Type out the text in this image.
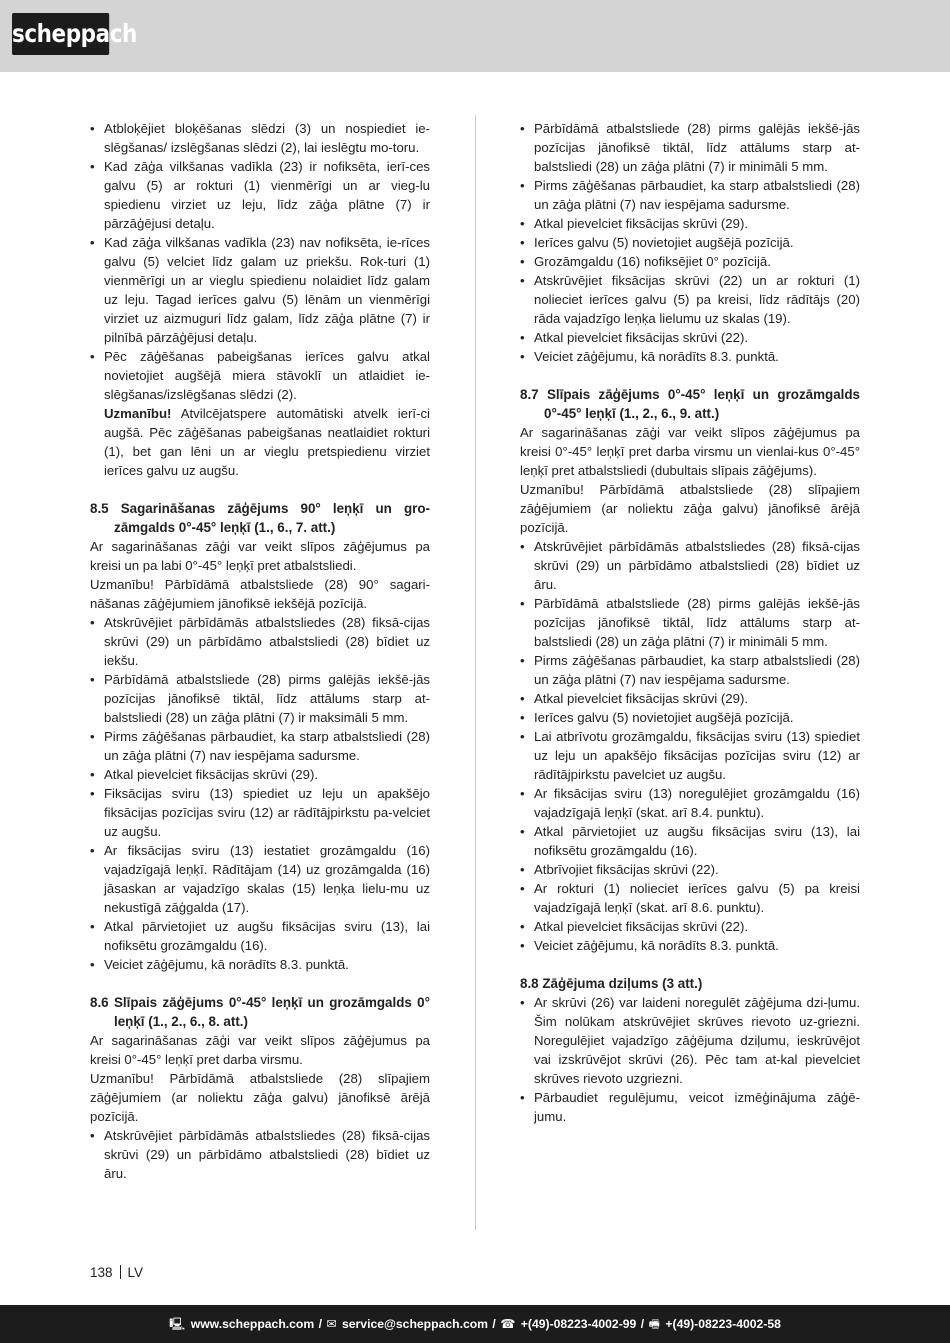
scheppach
• Atbloķējiet bloķēšanas slēdzi (3) un nospiediet ie-slēgšanas/ izslēgšanas slēdzi (2), lai ieslēgtu mo-toru.
• Kad zāģa vilkšanas vadīkla (23) ir nofiksēta, ierī-ces galvu (5) ar rokturi (1) vienmērīgi un ar vieg-lu spiedienu virziet uz leju, līdz zāģa plātne (7) ir pārzāģējusi detaļu.
• Kad zāģa vilkšanas vadīkla (23) nav nofiksēta, ie-rīces galvu (5) velciet līdz galam uz priekšu. Rok-turi (1) vienmērīgi un ar vieglu spiedienu nolaidiet līdz galam uz leju. Tagad ierīces galvu (5) lēnām un vienmērīgi virziet uz aizmuguri līdz galam, līdz zāģa plātne (7) ir pilnībā pārzāģējusi detaļu.
• Pēc zāģēšanas pabeigšanas ierīces galvu atkal novietojiet augšējā miera stāvoklī un atlaidiet ie-slēgšanas/izslēgšanas slēdzi (2).
Uzmanību! Atvilcējatspere automātiski atvelk ierī-ci augšā. Pēc zāģēšanas pabeigšanas neatlaidiet rokturi (1), bet gan lēni un ar vieglu pretspiedienu virziet ierīces galvu uz augšu.

8.5 Sagarināšanas zāģējums 90° leņķī un gro-zāmgalds 0°-45° leņķī (1., 6., 7. att.)

Ar sagarināšanas zāģi var veikt slīpos zāģējumus pa kreisi un pa labi 0°-45° leņķī pret atbalstsliedi.

Uzmanību! Pārbīdāmā atbalstsliede (28) 90° sagari-nāšanas zāģējumiem jānofiksē iekšējā pozīcijā.

• Atskrūvējiet pārbīdāmās atbalstsliedes (28) fiksā-cijas skrūvi (29) un pārbīdāmo atbalstsliedi (28) bīdiet uz iekšu.
• Pārbīdāmā atbalstsliede (28) pirms galējās iekšē-jās pozīcijas jānofiksē tiktāl, līdz attālums starp at-balstsliedi (28) un zāģa plātni (7) ir maksimāli 5 mm.
• Pirms zāģēšanas pārbaudiet, ka starp atbalstsliedi (28) un zāģa plātni (7) nav iespējama sadursme.
• Atkal pievelciet fiksācijas skrūvi (29).
• Fiksācijas sviru (13) spiediet uz leju un apakšējo fiksācijas pozīcijas sviru (12) ar rādītājpirkstu pa-velciet uz augšu.
• Ar fiksācijas sviru (13) iestatiet grozāmgaldu (16) vajadzīgajā leņķī. Rādītājam (14) uz grozāmgalda (16) jāsaskan ar vajadzīgo skalas (15) leņķa lielu-mu uz nekustīgā zāģgalda (17).
• Atkal pārvietojiet uz augšu fiksācijas sviru (13), lai nofiksētu grozāmgaldu (16).
• Veiciet zāģējumu, kā norādīts 8.3. punktā.

8.6 Slīpais zāģējums 0°-45° leņķī un grozāmgalds 0° leņķī (1., 2., 6., 8. att.)

Ar sagarināšanas zāģi var veikt slīpos zāģējumus pa kreisi 0°-45° leņķī pret darba virsmu.

Uzmanību! Pārbīdāmā atbalstsliede (28) slīpajiem zāģējumiem (ar noliektu zāģa galvu) jānofiksē ārējā pozīcijā.

• Atskrūvējiet pārbīdāmās atbalstsliedes (28) fiksā-cijas skrūvi (29) un pārbīdāmo atbalstsliedi (28) bīdiet uz āru.
• Pārbīdāmā atbalstsliede (28) pirms galējās iekšē-jās pozīcijas jānofiksē tiktāl, līdz attālums starp at-balstsliedi (28) un zāģa plātni (7) ir minimāli 5 mm.
• Pirms zāģēšanas pārbaudiet, ka starp atbalstsliedi (28) un zāģa plātni (7) nav iespējama sadursme.
• Atkal pievelciet fiksācijas skrūvi (29).
• Ierīces galvu (5) novietojiet augšējā pozīcijā.
• Grozāmgaldu (16) nofiksējiet 0° pozīcijā.
• Atskrūvējiet fiksācijas skrūvi (22) un ar rokturi (1) nolieciet ierīces galvu (5) pa kreisi, līdz rādītājs (20) rāda vajadzīgo leņķa lielumu uz skalas (19).
• Atkal pievelciet fiksācijas skrūvi (22).
• Veiciet zāģējumu, kā norādīts 8.3. punktā.

8.7 Slīpais zāģējums 0°-45° leņķī un grozāmgalds 0°-45° leņķī (1., 2., 6., 9. att.)

Ar sagarināšanas zāģi var veikt slīpos zāģējumus pa kreisi 0°-45° leņķī pret darba virsmu un vienlai-kus 0°-45° leņķī pret atbalstsliedi (dubultais slīpais zāģējums).

Uzmanību! Pārbīdāmā atbalstsliede (28) slīpajiem zāģējumiem (ar noliektu zāģa galvu) jānofiksē ārējā pozīcijā.

• Atskrūvējiet pārbīdāmās atbalstsliedes (28) fiksā-cijas skrūvi (29) un pārbīdāmo atbalstsliedi (28) bīdiet uz āru.
• Pārbīdāmā atbalstsliede (28) pirms galējās iekšē-jās pozīcijas jānofiksē tiktāl, līdz attālums starp at-balstsliedi (28) un zāģa plātni (7) ir minimāli 5 mm.
• Pirms zāģēšanas pārbaudiet, ka starp atbalstsliedi (28) un zāģa plātni (7) nav iespējama sadursme.
• Atkal pievelciet fiksācijas skrūvi (29).
• Ierīces galvu (5) novietojiet augšējā pozīcijā.
• Lai atbrīvotu grozāmgaldu, fiksācijas sviru (13) spiediet uz leju un apakšējo fiksācijas pozīcijas sviru (12) ar rādītājpirkstu pavelciet uz augšu.
• Ar fiksācijas sviru (13) noregulējiet grozāmgaldu (16) vajadzīgajā leņķī (skat. arī 8.4. punktu).
• Atkal pārvietojiet uz augšu fiksācijas sviru (13), lai nofiksētu grozāmgaldu (16).
• Atbrīvojiet fiksācijas skrūvi (22).
• Ar rokturi (1) nolieciet ierīces galvu (5) pa kreisi vajadzīgajā leņķī (skat. arī 8.6. punktu).
• Atkal pievelciet fiksācijas skrūvi (22).
• Veiciet zāģējumu, kā norādīts 8.3. punktā.

8.8 Zāģējuma dziļums (3 att.)

• Ar skrūvi (26) var laideni noregulēt zāģējuma dzi-ļumu. Šim nolūkam atskrūvējiet skrūves rievoto uz-griezni. Noregulējiet vajadzīgo zāģējuma dziļumu, ieskrūvējot vai izskrūvējot skrūvi (26). Pēc tam at-kal pievelciet skrūves rievoto uzgriezni.
• Pārbaudiet regulējumu, veicot izmēģinājuma zāģē-jumu.
138 LV
🖳 www.scheppach.com / ✉ service@scheppach.com / ☎ +(49)-08223-4002-99 / 🖷 +(49)-08223-4002-58
